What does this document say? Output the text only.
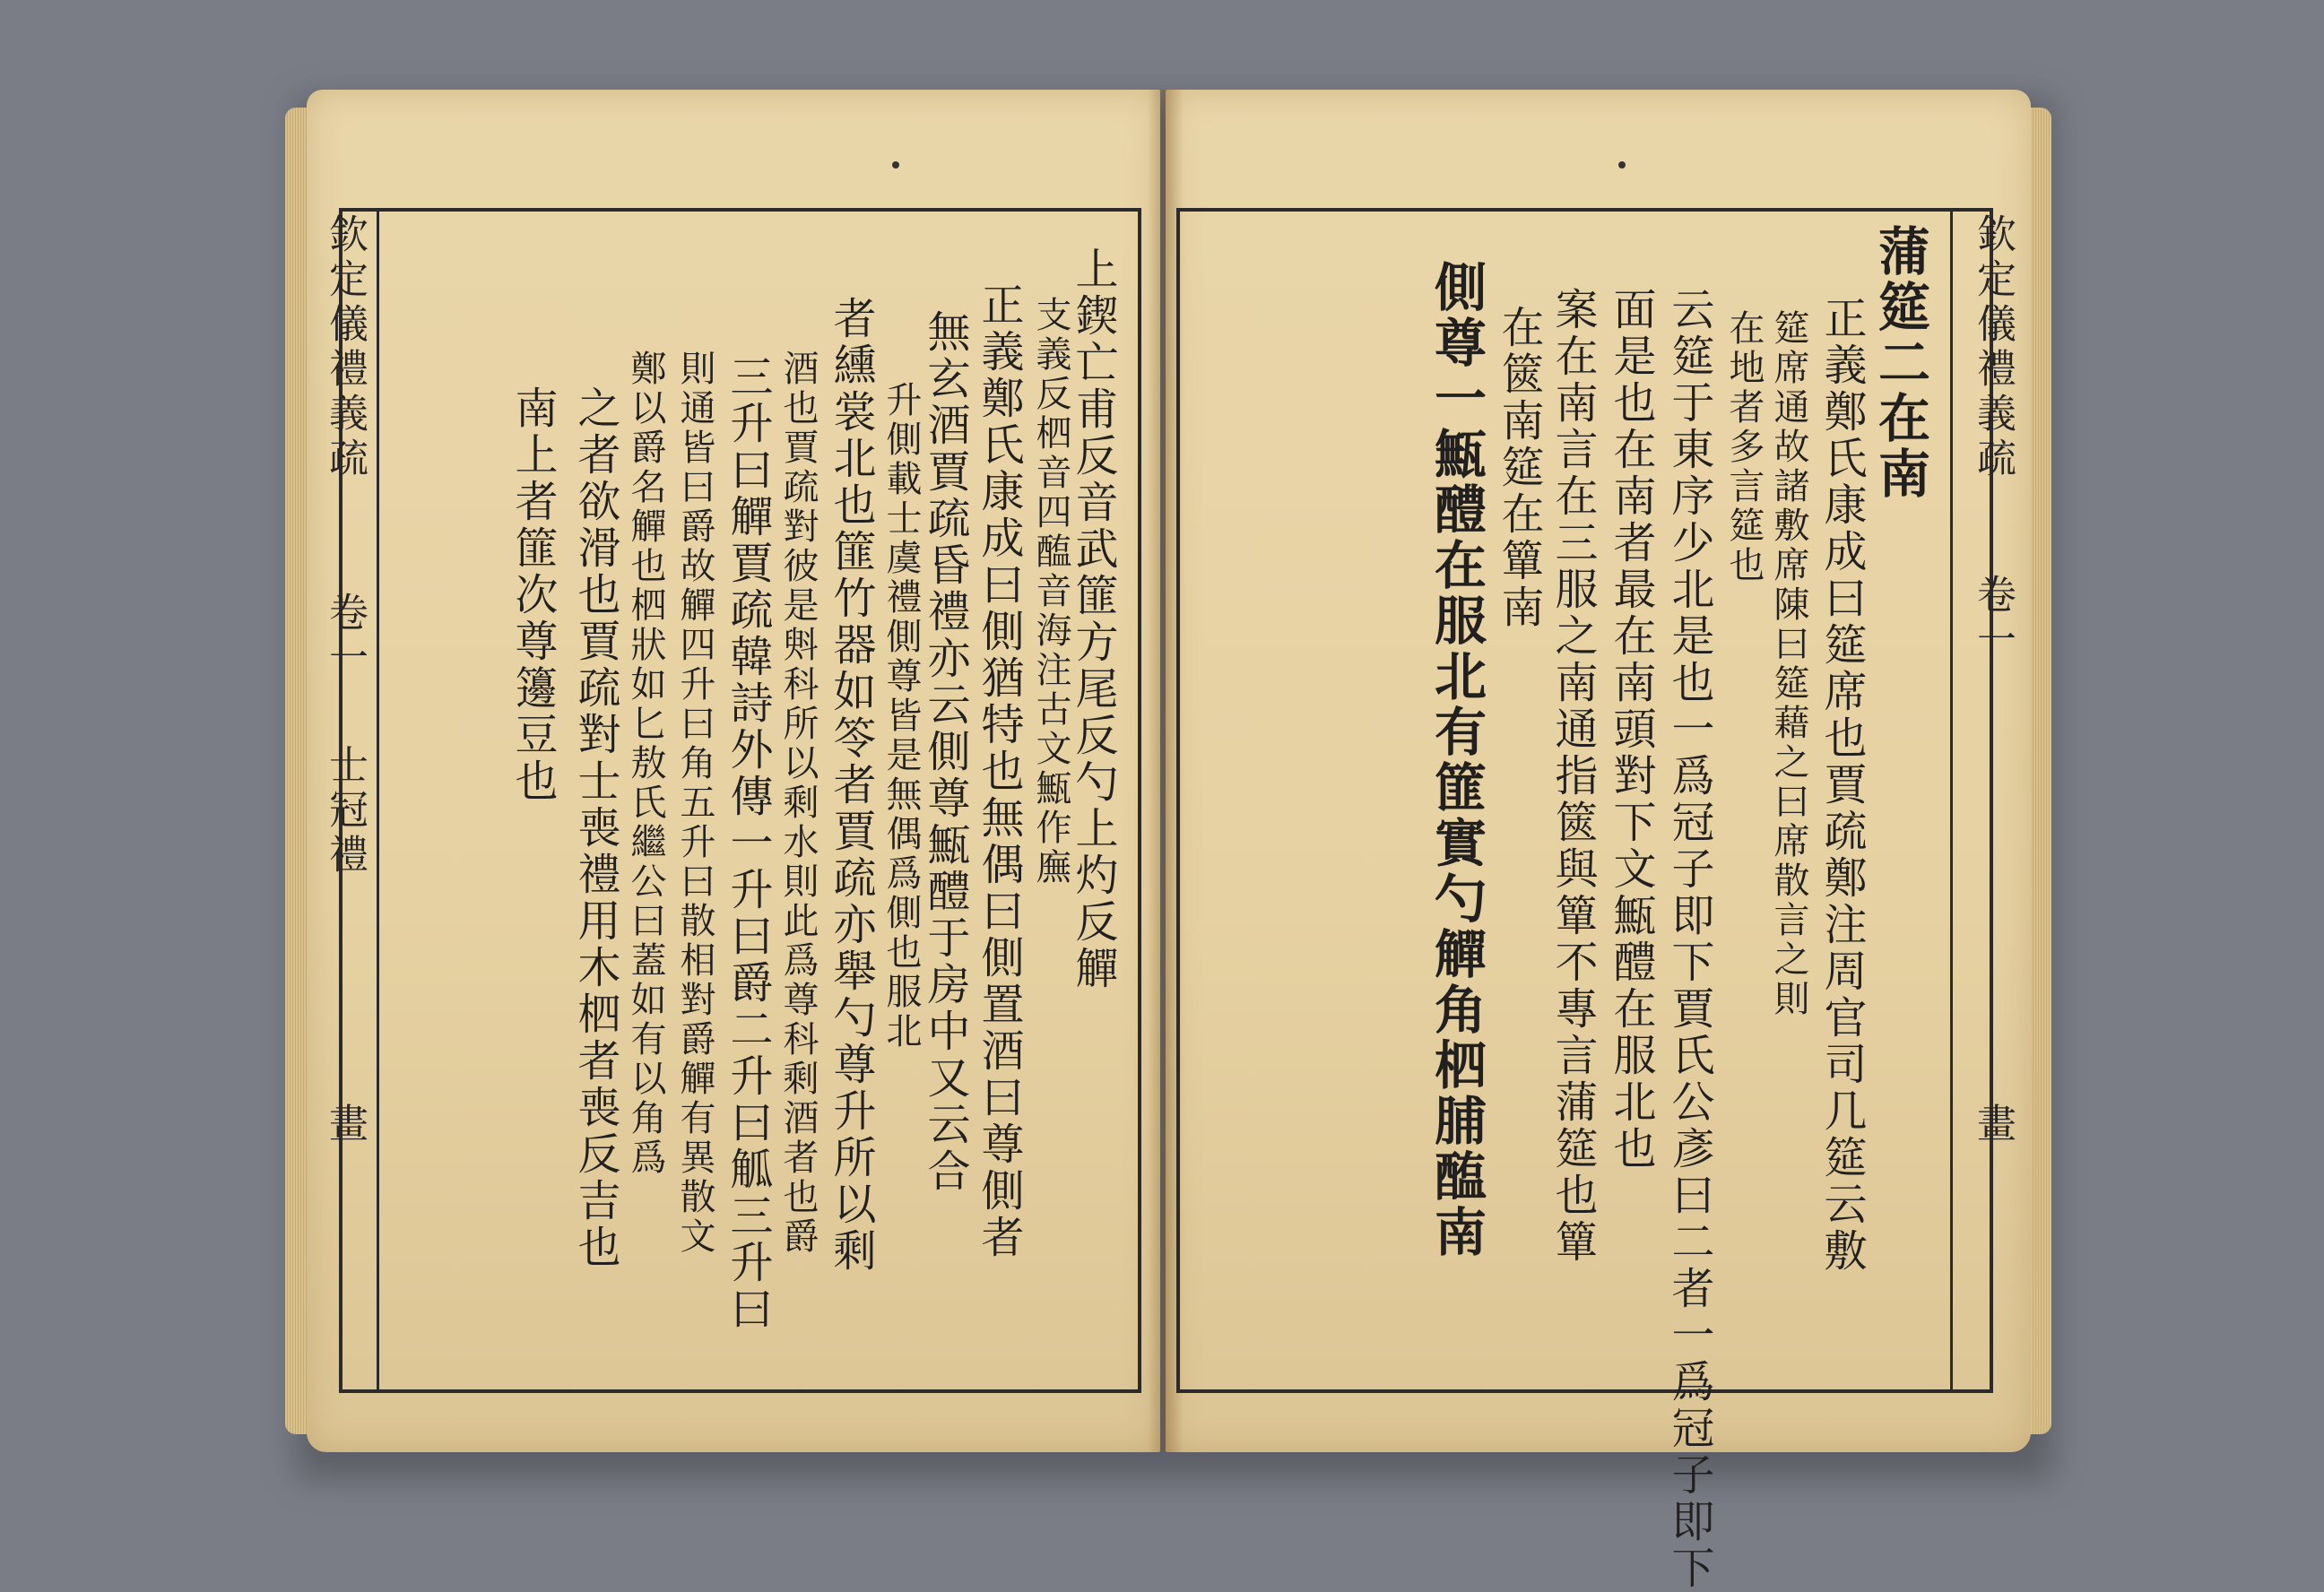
欽定儀禮義疏
卷一
士冠禮
畫
上鍥亡甫反音武篚方尾反勺上灼反觶
支義反柶音四醢音海注古文甒作廡
正義鄭氏康成曰側猶特也無偶曰側置酒曰尊側者
無玄酒賈疏昏禮亦云側尊甒醴于房中又云合
升側載士虞禮側尊皆是無偶爲側也服北
者纁裳北也篚竹器如笭者賈疏亦舉勺尊升所以剩
酒也賈疏對彼是斞科所以剩水則此爲尊科剩酒者也爵
三升曰觶賈疏韓詩外傳一升曰爵二升曰觚三升曰
則通皆曰爵故觶四升曰角五升曰散相對爵觶有異散文
鄭以爵名觶也柶狀如匕敖氏繼公曰蓋如有以角爲
之者欲滑也賈疏對士喪禮用木柶者喪反吉也
南上者篚次尊籩豆也
欽定儀禮義疏
卷一
畫
蒲筵二在南
正義鄭氏康成曰筵席也賈疏鄭注周官司几筵云敷
筵席通故諸敷席陳曰筵藉之曰席散言之則
在地者多言筵也
云筵于東序少北是也一爲冠子即下賈氏公彥曰二者一爲冠子即下
面是也在南者最在南頭對下文甒醴在服北也
案在南言在三服之南通指篋與簞不專言蒲筵也簞
在篋南筵在簞南
側尊一甒醴在服北有篚實勺觶角柶脯醢南
